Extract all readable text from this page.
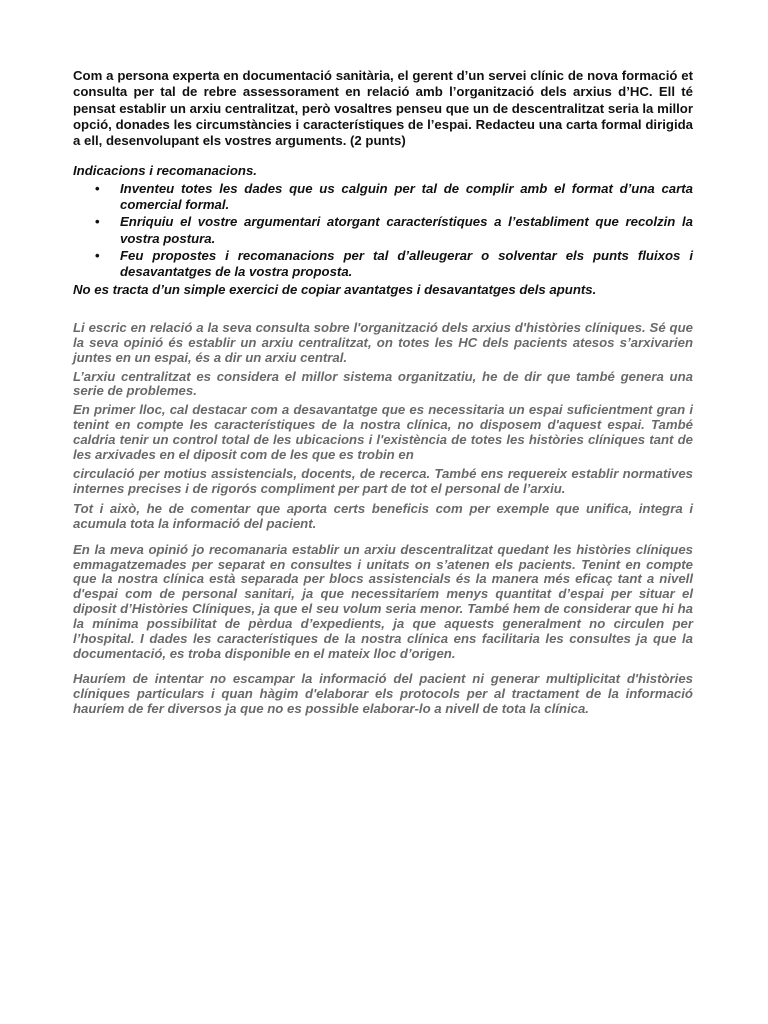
Com a persona experta en documentació sanitària, el gerent d’un servei clínic de nova formació et consulta per tal de rebre assessorament en relació amb l’organització dels arxius d’HC. Ell té pensat establir un arxiu centralitzat, però vosaltres penseu que un de descentralitzat seria la millor opció, donades les circumstàncies i característiques de l’espai. Redacteu una carta formal dirigida a ell, desenvolupant els vostres arguments. (2 punts)

Indicacions i recomanacions.

• Inventeu totes les dades que us calguin per tal de complir amb el format d’una carta comercial formal.
• Enriquiu el vostre argumentari atorgant característiques a l’establiment que recolzin la vostra postura.
• Feu propostes i recomanacions per tal d’alleugerar o solventar els punts fluixos i desavantatges de la vostra proposta.

No es tracta d’un simple exercici de copiar avantatges i desavantatges dels apunts.

Li escric en relació a la seva consulta sobre l'organització dels arxius d'històries clíniques. Sé que la seva opinió és establir un arxiu centralitzat, on totes les HC dels pacients atesos s’arxivarien juntes en un espai, és a dir un arxiu central.

L’arxiu centralitzat es considera el millor sistema organitzatiu, he de dir que també genera una serie de problemes.

En primer lloc, cal destacar com a desavantatge que es necessitaria un espai suficientment gran i tenint en compte les característiques de la nostra clínica, no disposem d'aquest espai. També caldria tenir un control total de les ubicacions i l'existència de totes les històries clíniques tant de les arxivades en el diposit com de les que es trobin en

circulació per motius assistencials, docents, de recerca. També ens requereix establir normatives internes precises i de rigorós compliment per part de tot el personal de l’arxiu.

Tot i això, he de comentar que aporta certs beneficis com per exemple que unifica, integra i acumula tota la informació del pacient.

En la meva opinió jo recomanaria establir un arxiu descentralitzat quedant les històries clíniques emmagatzemades per separat en consultes i unitats on s’atenen els pacients. Tenint en compte que la nostra clínica està separada per blocs assistencials és la manera més eficaç tant a nivell d'espai com de personal sanitari, ja que necessitaríem menys quantitat d’espai per situar el diposit d’Històries Clíniques, ja que el seu volum seria menor. També hem de considerar que hi ha la mínima possibilitat de pèrdua d’expedients, ja que aquests generalment no circulen per l’hospital. I dades les característiques de la nostra clínica ens facilitaria les consultes ja que la documentació, es troba disponible en el mateix lloc d’origen.

Hauríem de intentar no escampar la informació del pacient ni generar multiplicitat d'històries clíniques particulars i quan hàgim d'elaborar els protocols per al tractament de la informació hauríem de fer diversos ja que no es possible elaborar-lo a nivell de tota la clínica.
